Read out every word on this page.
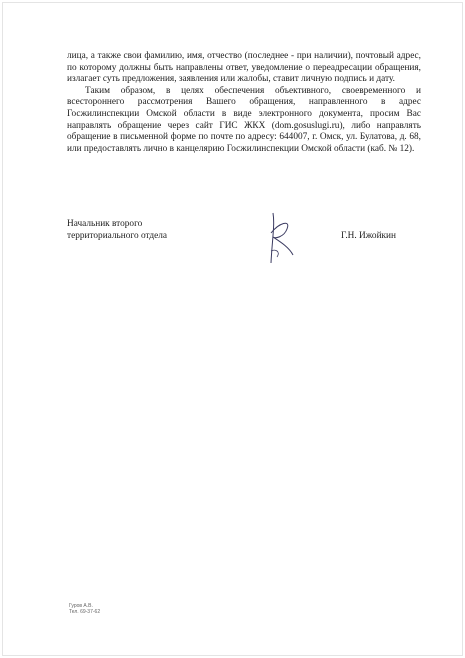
лица, а также свои фамилию, имя, отчество (последнее - при наличии), почтовый адрес, по которому должны быть направлены ответ, уведомление о переадресации обращения, излагает суть предложения, заявления или жалобы, ставит личную подпись и дату.

Таким образом, в целях обеспечения объективного, своевременного и всестороннего рассмотрения Вашего обращения, направленного в адрес Госжилинспекции Омской области в виде электронного документа, просим Вас направлять обращение через сайт ГИС ЖКХ (dom.gosuslugi.ru), либо направлять обращение в письменной форме по почте по адресу: 644007, г. Омск, ул. Булатова, д. 68, или предоставлять лично в канцелярию Госжилинспекции Омской области (каб. № 12).

Начальник второго
территориального отдела	Г.Н. Ижойкин
Гуров А.В.
Тел. 69-37-62
